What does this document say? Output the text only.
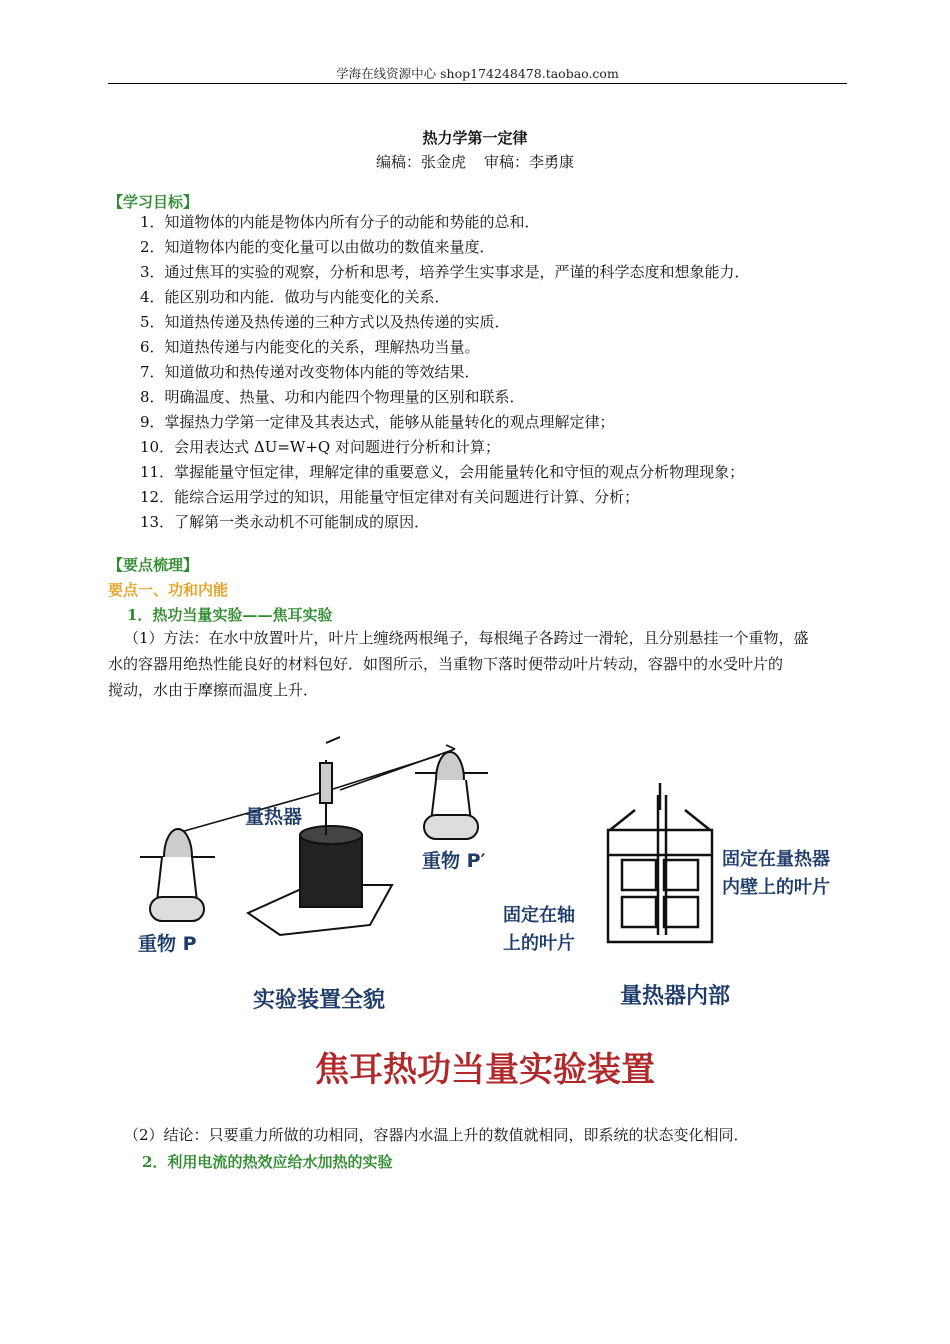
学海在线资源中心 shop174248478.taobao.com
热力学第一定律
编稿：张金虎 审稿：李勇康
【学习目标】
1．知道物体的内能是物体内所有分子的动能和势能的总和．
2．知道物体内能的变化量可以由做功的数值来量度．
3．通过焦耳的实验的观察，分析和思考，培养学生实事求是，严谨的科学态度和想象能力．
4．能区别功和内能．做功与内能变化的关系．
5．知道热传递及热传递的三种方式以及热传递的实质．
6．知道热传递与内能变化的关系，理解热功当量。
7．知道做功和热传递对改变物体内能的等效结果．
8．明确温度、热量、功和内能四个物理量的区别和联系．
9．掌握热力学第一定律及其表达式，能够从能量转化的观点理解定律；
10．会用表达式 ΔU=W+Q 对问题进行分析和计算；
11．掌握能量守恒定律，理解定律的重要意义，会用能量转化和守恒的观点分析物理现象；
12．能综合运用学过的知识，用能量守恒定律对有关问题进行计算、分析；
13．了解第一类永动机不可能制成的原因．
【要点梳理】
要点一、功和内能
1．热功当量实验——焦耳实验
（1）方法：在水中放置叶片，叶片上缠绕两根绳子，每根绳子各跨过一滑轮，且分别悬挂一个重物，盛
水的容器用绝热性能良好的材料包好．如图所示，当重物下落时便带动叶片转动，容器中的水受叶片的
搅动，水由于摩擦而温度上升．
量热器
重物 P′
重物 P
固定在量热器
内壁上的叶片
固定在轴
上的叶片
实验装置全貌	量热器内部
焦耳热功当量实验装置
（2）结论：只要重力所做的功相同，容器内水温上升的数值就相同，即系统的状态变化相同．
2．利用电流的热效应给水加热的实验
